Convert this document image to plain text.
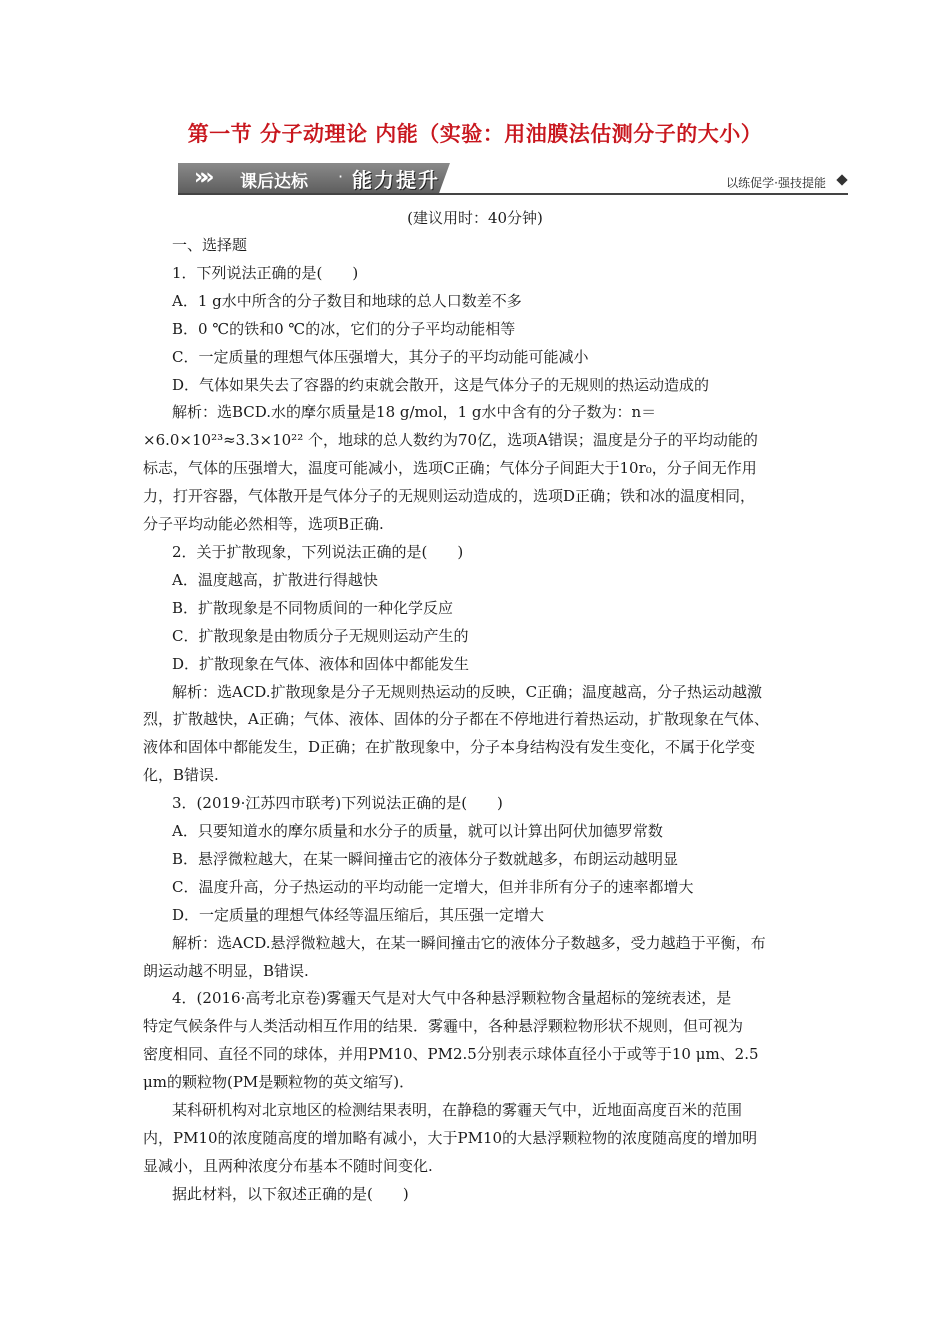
第一节 分子动理论 内能（实验：用油膜法估测分子的大小）
»» 课后达标 · 能力提升	以练促学·强技提能
(建议用时：40分钟)

一、选择题

1．下列说法正确的是(　　)

A．1 g水中所含的分子数目和地球的总人口数差不多

B．0 ℃的铁和0 ℃的冰，它们的分子平均动能相等

C．一定质量的理想气体压强增大，其分子的平均动能可能减小

D．气体如果失去了容器的约束就会散开，这是气体分子的无规则的热运动造成的

解析：选BCD.水的摩尔质量是18 g/mol，1 g水中含有的分子数为：n＝

×6.0×10²³≈3.3×10²² 个，地球的总人数约为70亿，选项A错误；温度是分子的平均动能的

标志，气体的压强增大，温度可能减小，选项C正确；气体分子间距大于10r₀，分子间无作用

力，打开容器，气体散开是气体分子的无规则运动造成的，选项D正确；铁和冰的温度相同，

分子平均动能必然相等，选项B正确.

2．关于扩散现象，下列说法正确的是(　　)

A．温度越高，扩散进行得越快

B．扩散现象是不同物质间的一种化学反应

C．扩散现象是由物质分子无规则运动产生的

D．扩散现象在气体、液体和固体中都能发生

解析：选ACD.扩散现象是分子无规则热运动的反映，C正确；温度越高，分子热运动越激

烈，扩散越快，A正确；气体、液体、固体的分子都在不停地进行着热运动，扩散现象在气体、

液体和固体中都能发生，D正确；在扩散现象中，分子本身结构没有发生变化，不属于化学变

化，B错误.

3．(2019·江苏四市联考)下列说法正确的是(　　)

A．只要知道水的摩尔质量和水分子的质量，就可以计算出阿伏加德罗常数

B．悬浮微粒越大，在某一瞬间撞击它的液体分子数就越多，布朗运动越明显

C．温度升高，分子热运动的平均动能一定增大，但并非所有分子的速率都增大

D．一定质量的理想气体经等温压缩后，其压强一定增大

解析：选ACD.悬浮微粒越大，在某一瞬间撞击它的液体分子数越多，受力越趋于平衡，布

朗运动越不明显，B错误.

4．(2016·高考北京卷)雾霾天气是对大气中各种悬浮颗粒物含量超标的笼统表述，是

特定气候条件与人类活动相互作用的结果．雾霾中，各种悬浮颗粒物形状不规则，但可视为

密度相同、直径不同的球体，并用PM10、PM2.5分别表示球体直径小于或等于10 μm、2.5

μm的颗粒物(PM是颗粒物的英文缩写)．

某科研机构对北京地区的检测结果表明，在静稳的雾霾天气中，近地面高度百米的范围

内，PM10的浓度随高度的增加略有减小，大于PM10的大悬浮颗粒物的浓度随高度的增加明

显减小，且两种浓度分布基本不随时间变化.

据此材料，以下叙述正确的是(　　)
